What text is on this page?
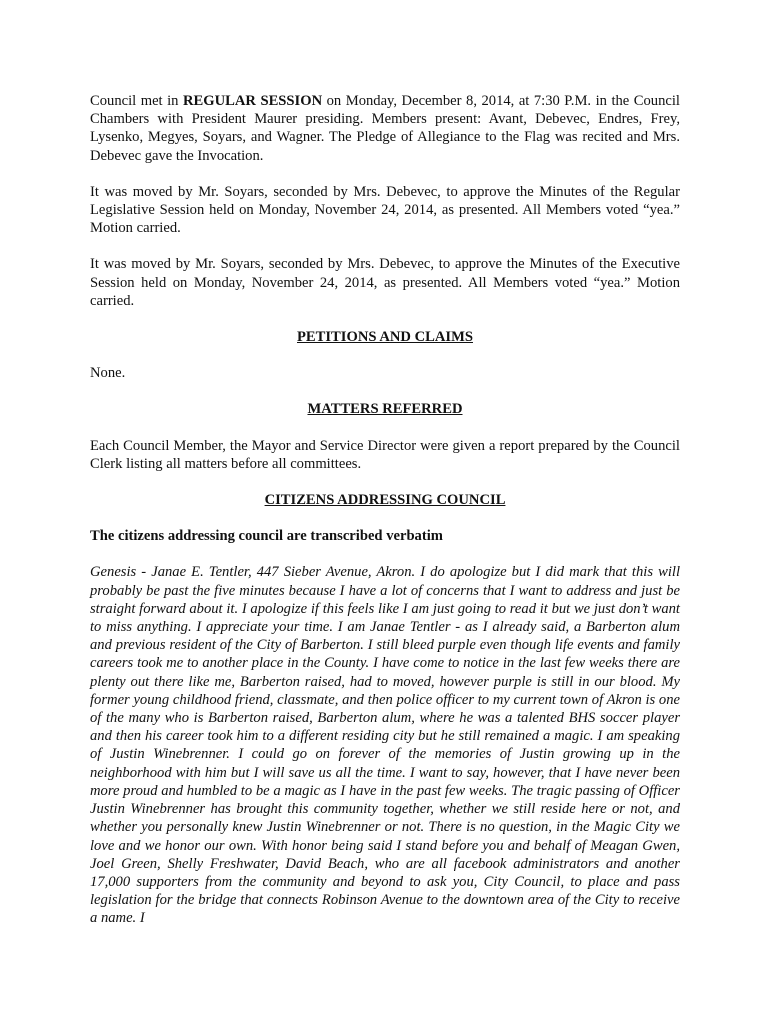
Council met in REGULAR SESSION on Monday, December 8, 2014, at 7:30 P.M. in the Council Chambers with President Maurer presiding. Members present: Avant, Debevec, Endres, Frey, Lysenko, Megyes, Soyars, and Wagner. The Pledge of Allegiance to the Flag was recited and Mrs. Debevec gave the Invocation.

It was moved by Mr. Soyars, seconded by Mrs. Debevec, to approve the Minutes of the Regular Legislative Session held on Monday, November 24, 2014, as presented. All Members voted “yea.” Motion carried.

It was moved by Mr. Soyars, seconded by Mrs. Debevec, to approve the Minutes of the Executive Session held on Monday, November 24, 2014, as presented. All Members voted “yea.” Motion carried.

PETITIONS AND CLAIMS

None.

MATTERS REFERRED

Each Council Member, the Mayor and Service Director were given a report prepared by the Council Clerk listing all matters before all committees.

CITIZENS ADDRESSING COUNCIL
The citizens addressing council are transcribed verbatim

Genesis - Janae E. Tentler, 447 Sieber Avenue, Akron. I do apologize but I did mark that this will probably be past the five minutes because I have a lot of concerns that I want to address and just be straight forward about it. I apologize if this feels like I am just going to read it but we just don’t want to miss anything. I appreciate your time. I am Janae Tentler - as I already said, a Barberton alum and previous resident of the City of Barberton. I still bleed purple even though life events and family careers took me to another place in the County. I have come to notice in the last few weeks there are plenty out there like me, Barberton raised, had to moved, however purple is still in our blood. My former young childhood friend, classmate, and then police officer to my current town of Akron is one of the many who is Barberton raised, Barberton alum, where he was a talented BHS soccer player and then his career took him to a different residing city but he still remained a magic. I am speaking of Justin Winebrenner. I could go on forever of the memories of Justin growing up in the neighborhood with him but I will save us all the time. I want to say, however, that I have never been more proud and humbled to be a magic as I have in the past few weeks. The tragic passing of Officer Justin Winebrenner has brought this community together, whether we still reside here or not, and whether you personally knew Justin Winebrenner or not. There is no question, in the Magic City we love and we honor our own. With honor being said I stand before you and behalf of Meagan Gwen, Joel Green, Shelly Freshwater, David Beach, who are all facebook administrators and another 17,000 supporters from the community and beyond to ask you, City Council, to place and pass legislation for the bridge that connects Robinson Avenue to the downtown area of the City to receive a name. I
